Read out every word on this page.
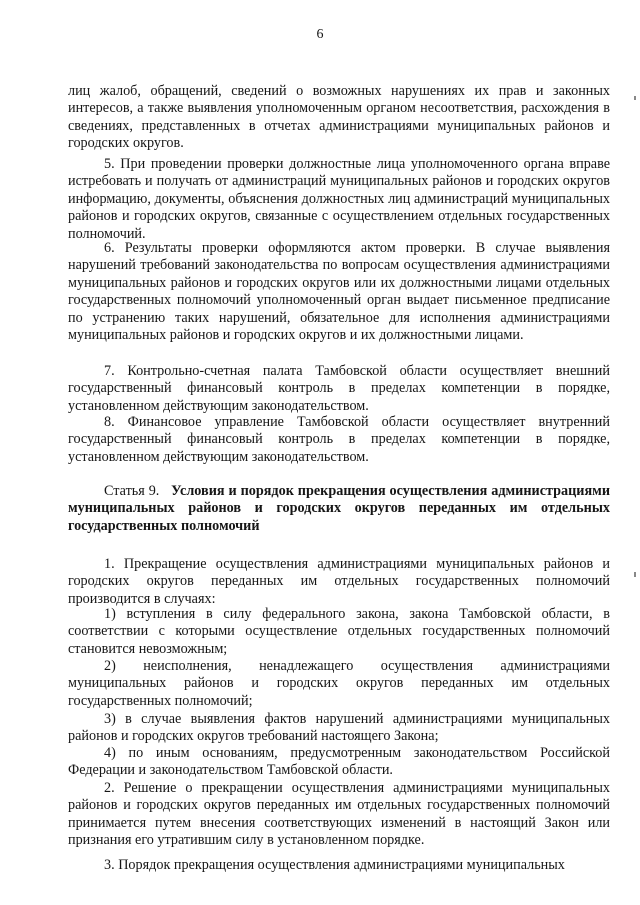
6

лиц жалоб, обращений, сведений о возможных нарушениях их прав и законных интересов, а также выявления уполномоченным органом несоответствия, расхождения в сведениях, представленных в отчетах администрациями муниципальных районов и городских округов.

5. При проведении проверки должностные лица уполномоченного органа вправе истребовать и получать от администраций муниципальных районов и городских округов информацию, документы, объяснения должностных лиц администраций муниципальных районов и городских округов, связанные с осуществлением отдельных государственных полномочий.

6. Результаты проверки оформляются актом проверки. В случае выявления нарушений требований законодательства по вопросам осуществления администрациями муниципальных районов и городских округов или их должностными лицами отдельных государственных полномочий уполномоченный орган выдает письменное предписание по устранению таких нарушений, обязательное для исполнения администрациями муниципальных районов и городских округов и их должностными лицами.

7. Контрольно-счетная палата Тамбовской области осуществляет внешний государственный финансовый контроль в пределах компетенции в порядке, установленном действующим законодательством.

8. Финансовое управление Тамбовской области осуществляет внутренний государственный финансовый контроль в пределах компетенции в порядке, установленном действующим законодательством.

Статья 9. Условия и порядок прекращения осуществления администрациями муниципальных районов и городских округов переданных им отдельных государственных полномочий

1. Прекращение осуществления администрациями муниципальных районов и городских округов переданных им отдельных государственных полномочий производится в случаях:

1) вступления в силу федерального закона, закона Тамбовской области, в соответствии с которыми осуществление отдельных государственных полномочий становится невозможным;

2) неисполнения, ненадлежащего осуществления администрациями муниципальных районов и городских округов переданных им отдельных государственных полномочий;

3) в случае выявления фактов нарушений администрациями муниципальных районов и городских округов требований настоящего Закона;

4) по иным основаниям, предусмотренным законодательством Российской Федерации и законодательством Тамбовской области.

2. Решение о прекращении осуществления администрациями муниципальных районов и городских округов переданных им отдельных государственных полномочий принимается путем внесения соответствующих изменений в настоящий Закон или признания его утратившим силу в установленном порядке.

3. Порядок прекращения осуществления администрациями муниципальных
